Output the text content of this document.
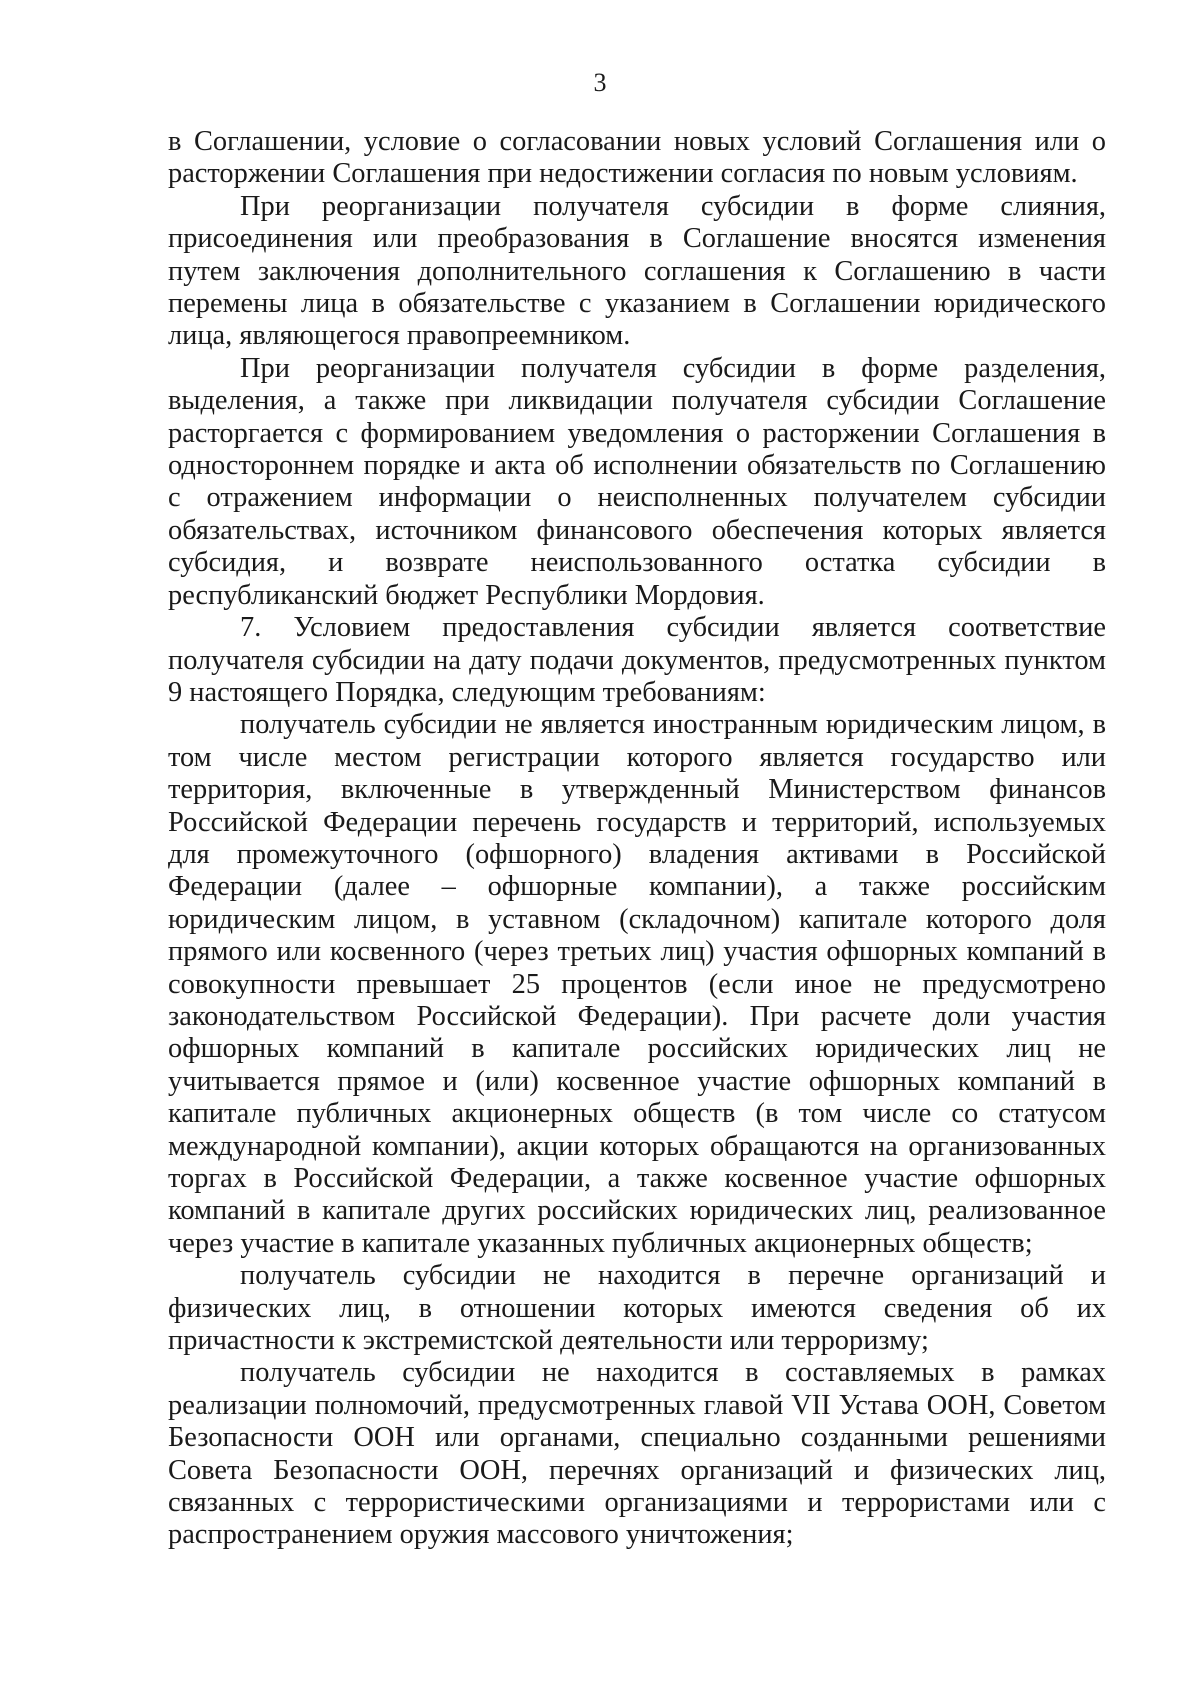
3

в Соглашении, условие о согласовании новых условий Соглашения или о расторжении Соглашения при недостижении согласия по новым условиям.

При реорганизации получателя субсидии в форме слияния, присоединения или преобразования в Соглашение вносятся изменения путем заключения дополнительного соглашения к Соглашению в части перемены лица в обязательстве с указанием в Соглашении юридического лица, являющегося правопреемником.

При реорганизации получателя субсидии в форме разделения, выделения, а также при ликвидации получателя субсидии Соглашение расторгается с формированием уведомления о расторжении Соглашения в одностороннем порядке и акта об исполнении обязательств по Соглашению с отражением информации о неисполненных получателем субсидии обязательствах, источником финансового обеспечения которых является субсидия, и возврате неиспользованного остатка субсидии в республиканский бюджет Республики Мордовия.

7. Условием предоставления субсидии является соответствие получателя субсидии на дату подачи документов, предусмотренных пунктом 9 настоящего Порядка, следующим требованиям:

получатель субсидии не является иностранным юридическим лицом, в том числе местом регистрации которого является государство или территория, включенные в утвержденный Министерством финансов Российской Федерации перечень государств и территорий, используемых для промежуточного (офшорного) владения активами в Российской Федерации (далее – офшорные компании), а также российским юридическим лицом, в уставном (складочном) капитале которого доля прямого или косвенного (через третьих лиц) участия офшорных компаний в совокупности превышает 25 процентов (если иное не предусмотрено законодательством Российской Федерации). При расчете доли участия офшорных компаний в капитале российских юридических лиц не учитывается прямое и (или) косвенное участие офшорных компаний в капитале публичных акционерных обществ (в том числе со статусом международной компании), акции которых обращаются на организованных торгах в Российской Федерации, а также косвенное участие офшорных компаний в капитале других российских юридических лиц, реализованное через участие в капитале указанных публичных акционерных обществ;

получатель субсидии не находится в перечне организаций и физических лиц, в отношении которых имеются сведения об их причастности к экстремистской деятельности или терроризму;

получатель субсидии не находится в составляемых в рамках реализации полномочий, предусмотренных главой VII Устава ООН, Советом Безопасности ООН или органами, специально созданными решениями Совета Безопасности ООН, перечнях организаций и физических лиц, связанных с террористическими организациями и террористами или с распространением оружия массового уничтожения;
